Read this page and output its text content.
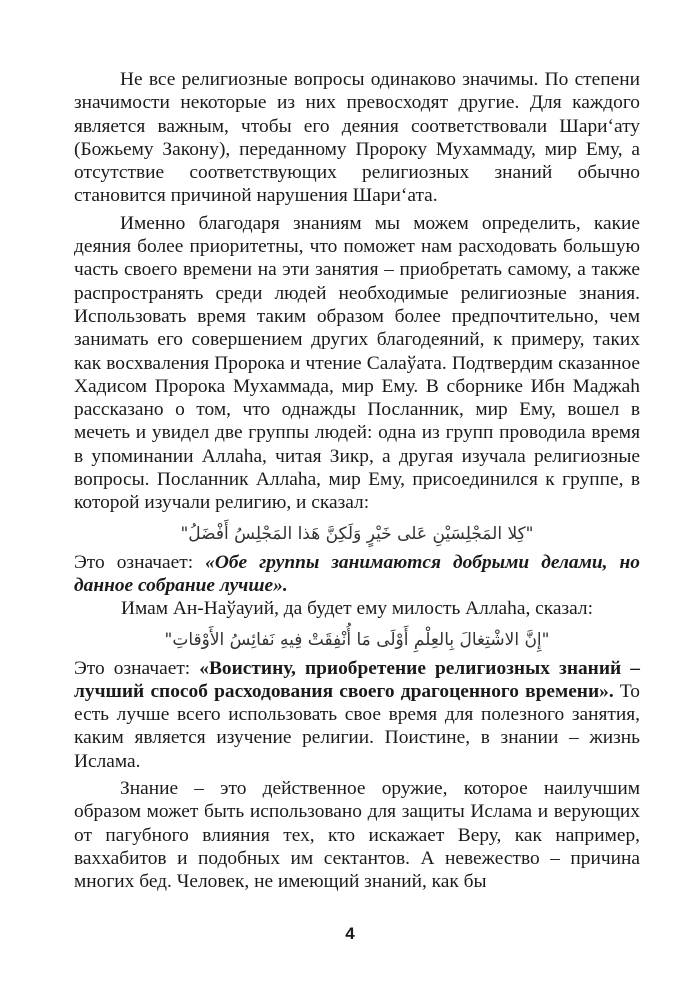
Не все религиозные вопросы одинаково значимы. По степени значимости некоторые из них превосходят другие. Для каждого является важным, чтобы его деяния соответствовали Шари‘ату (Божьему Закону), переданному Пророку Мухаммаду, мир Ему, а отсутствие соответствующих религиозных знаний обычно становится причиной нарушения Шари‘ата.

Именно благодаря знаниям мы можем определить, какие деяния более приоритетны, что поможет нам расходовать большую часть своего времени на эти занятия – приобретать самому, а также распространять среди людей необходимые религиозные знания. Использовать время таким образом более предпочтительно, чем занимать его совершением других благодеяний, к примеру, таких как восхваления Пророка и чтение Салаўата. Подтвердим сказанное Хадисом Пророка Мухаммада, мир Ему. В сборнике Ибн Маджаh рассказано о том, что однажды Посланник, мир Ему, вошел в мечеть и увидел две группы людей: одна из групп проводила время в упоминании Аллаhа, читая Зикр, а другая изучала религиозные вопросы. Посланник Аллаhа, мир Ему, присоединился к группе, в которой изучали религию, и сказал:

"كِلا المَجْلِسَيْنِ عَلى خَيْرٍ وَلَكِنَّ هَذا المَجْلِسُ أَفْضَلُ"

Это означает: «Обе группы занимаются добрыми делами, но данное собрание лучше».

Имам Ан-Наўауий, да будет ему милость Аллаhа, сказал:

"إِنَّ الاشْتِغالَ بِالعِلْمِ أَوْلَى مَا أُنْفِقَتْ فِيهِ نَفائِسُ الأَوْقاتِ"

Это означает: «Воистину, приобретение религиозных знаний – лучший способ расходования своего драгоценного времени». То есть лучше всего использовать свое время для полезного занятия, каким является изучение религии. Поистине, в знании – жизнь Ислама.

Знание – это действенное оружие, которое наилучшим образом может быть использовано для защиты Ислама и верующих от пагубного влияния тех, кто искажает Веру, как например, ваххабитов и подобных им сектантов. А невежество – причина многих бед. Человек, не имеющий знаний, как бы

4
